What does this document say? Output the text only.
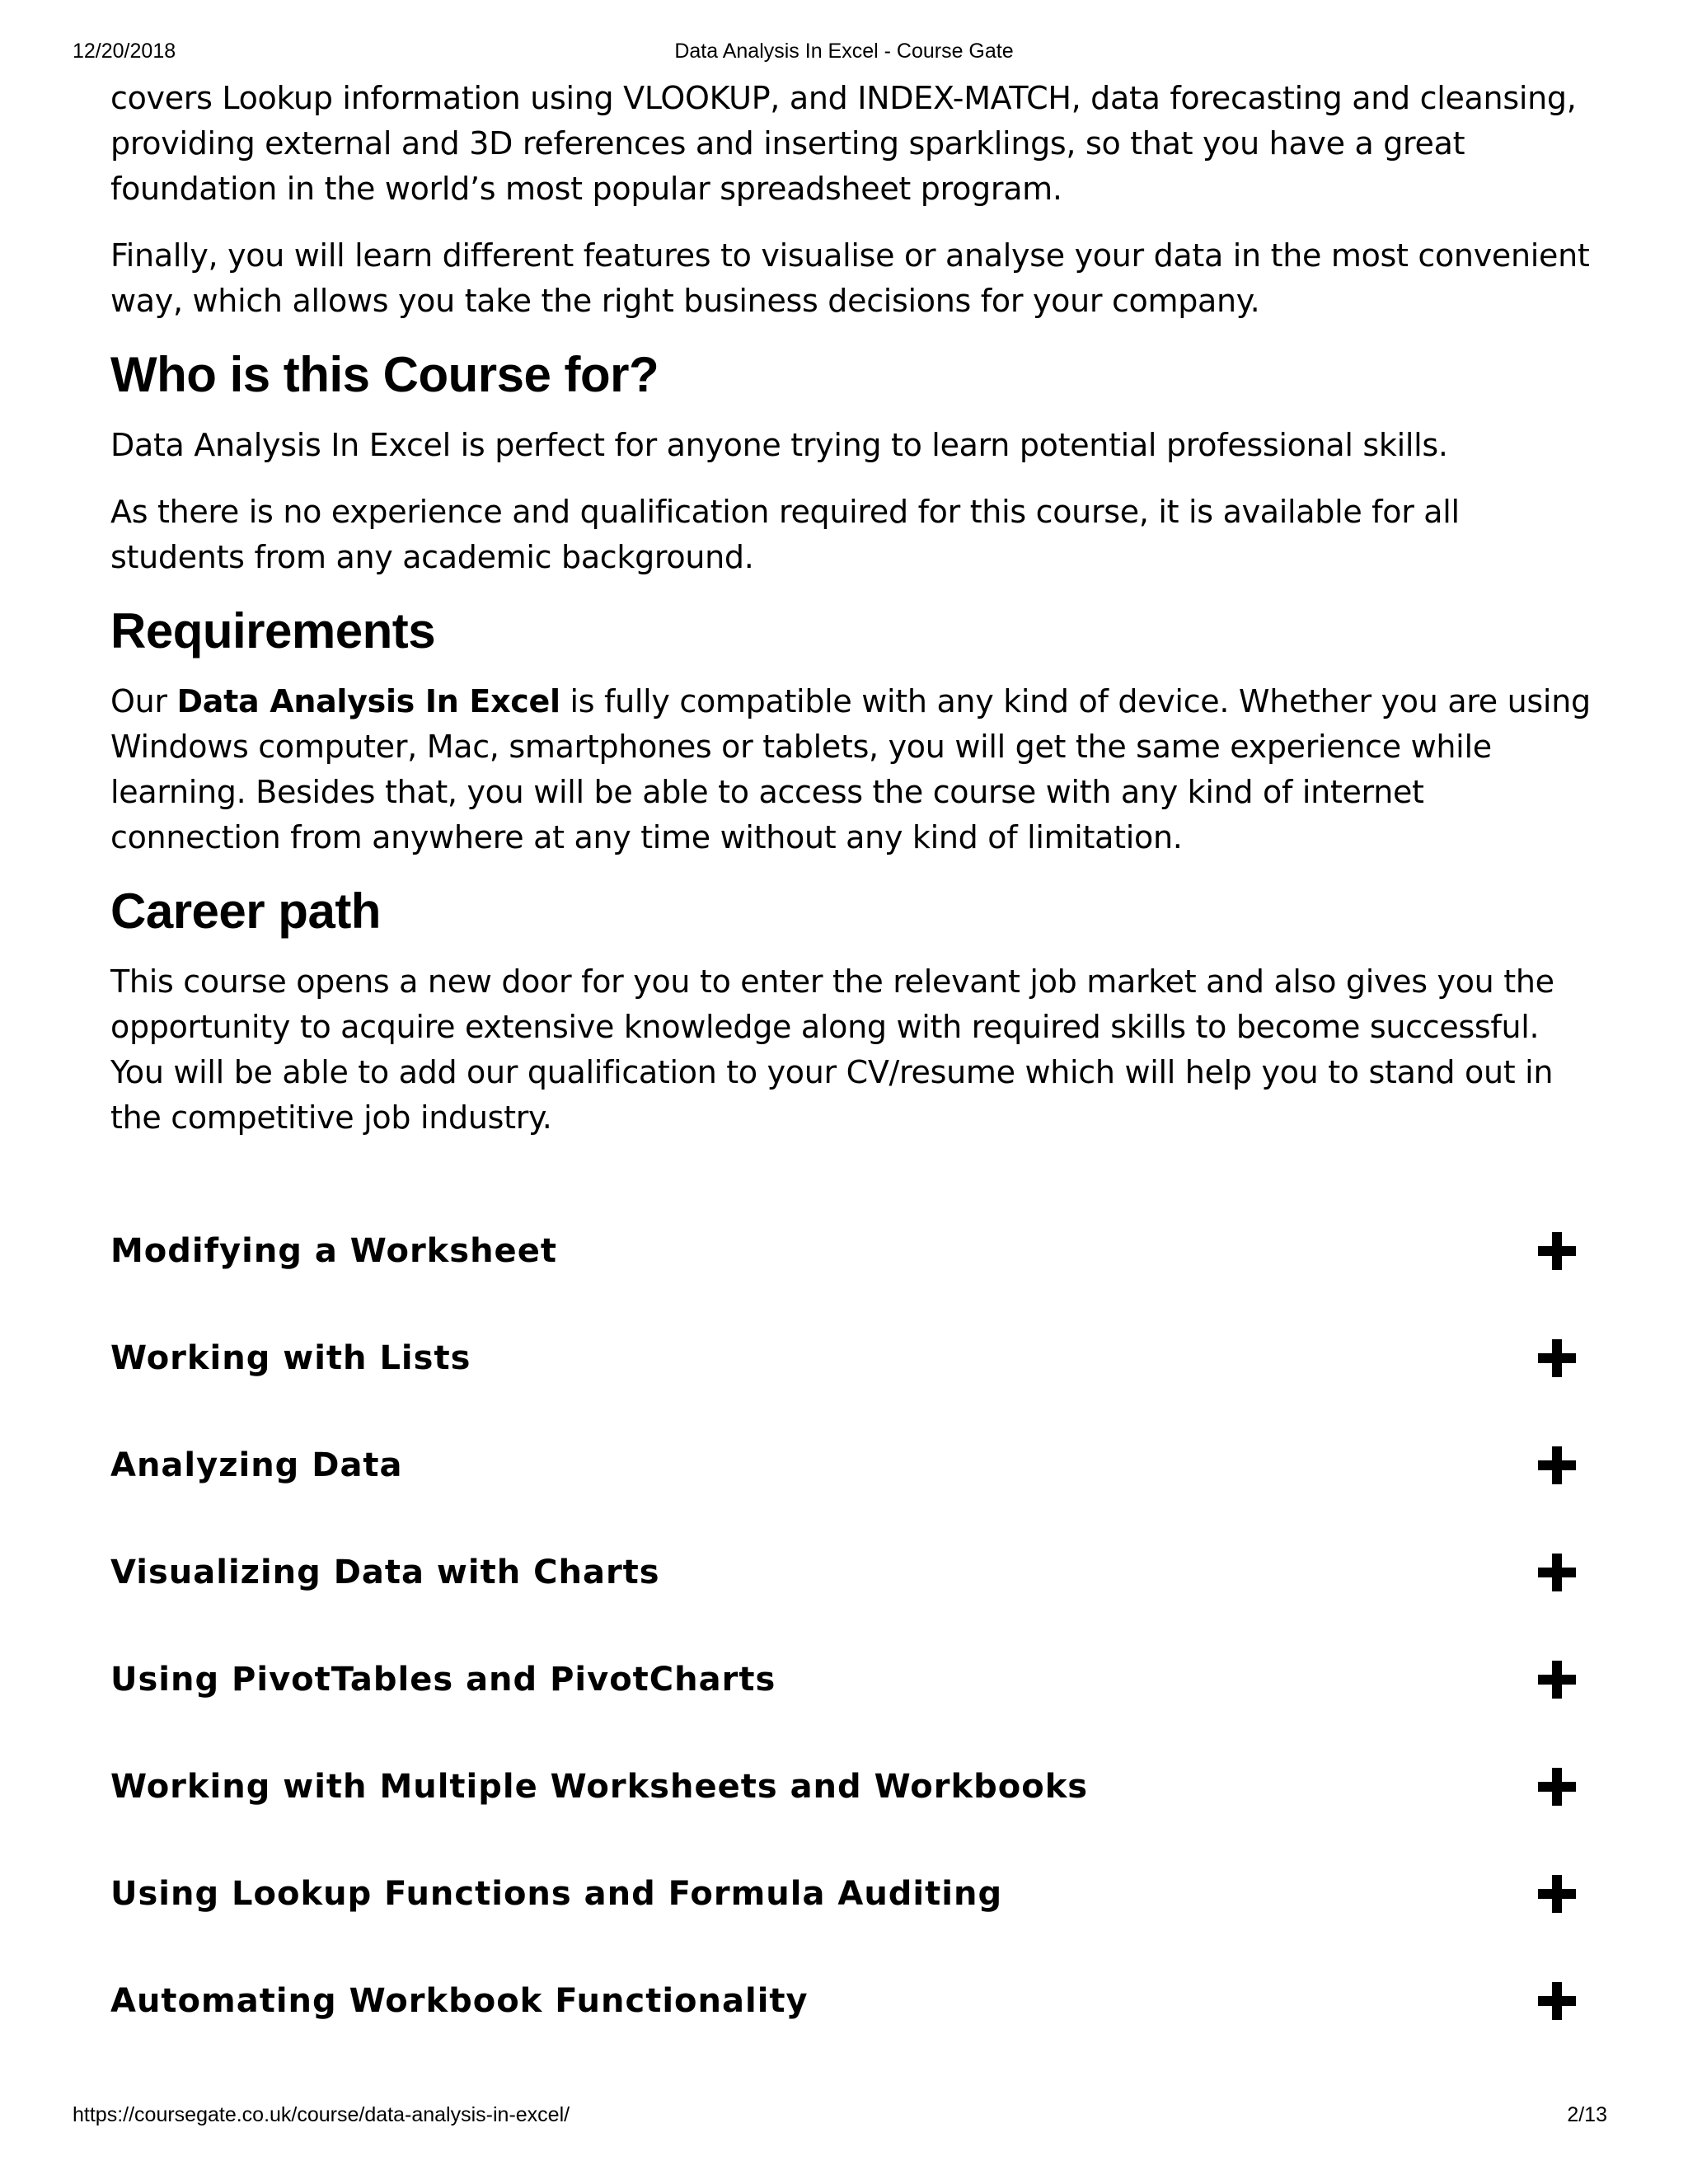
12/20/2018	Data Analysis In Excel - Course Gate

covers Lookup information using VLOOKUP, and INDEX-MATCH, data forecasting and cleansing, providing external and 3D references and inserting sparklings, so that you have a great foundation in the world’s most popular spreadsheet program.

Finally, you will learn different features to visualise or analyse your data in the most convenient way, which allows you take the right business decisions for your company.

Who is this Course for?

Data Analysis In Excel is perfect for anyone trying to learn potential professional skills.

As there is no experience and qualification required for this course, it is available for all students from any academic background.

Requirements

Our Data Analysis In Excel is fully compatible with any kind of device. Whether you are using Windows computer, Mac, smartphones or tablets, you will get the same experience while learning. Besides that, you will be able to access the course with any kind of internet connection from anywhere at any time without any kind of limitation.

Career path

This course opens a new door for you to enter the relevant job market and also gives you the opportunity to acquire extensive knowledge along with required skills to become successful. You will be able to add our qualification to your CV/resume which will help you to stand out in the competitive job industry.

Modifying a Worksheet
Working with Lists
Analyzing Data
Visualizing Data with Charts
Using PivotTables and PivotCharts
Working with Multiple Worksheets and Workbooks
Using Lookup Functions and Formula Auditing
Automating Workbook Functionality
https://coursegate.co.uk/course/data-analysis-in-excel/	2/13
